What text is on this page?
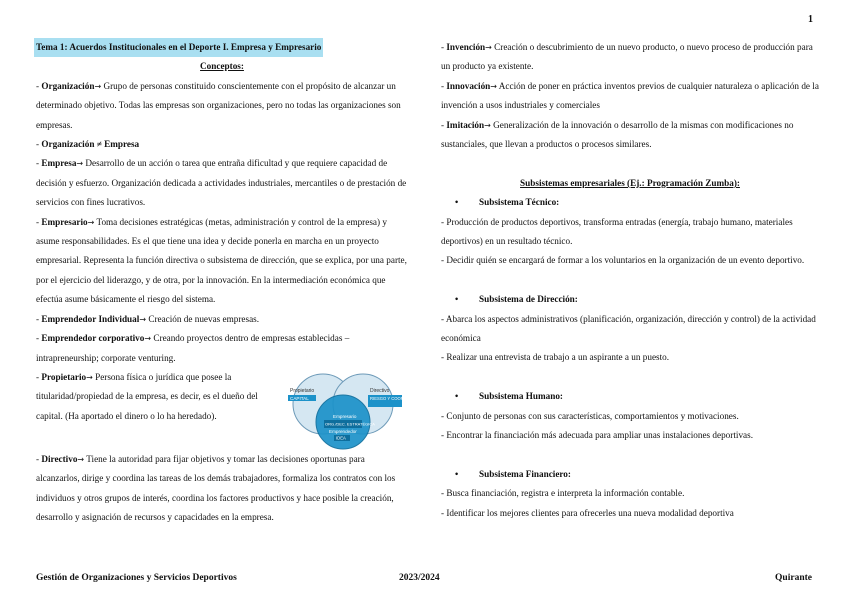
1
Tema 1: Acuerdos Institucionales en el Deporte I. Empresa y Empresario
Conceptos:

- Organización→ Grupo de personas constituido conscientemente con el propósito de alcanzar un determinado objetivo. Todas las empresas son organizaciones, pero no todas las organizaciones son empresas.

- Organización ≠ Empresa

- Empresa→ Desarrollo de un acción o tarea que entraña dificultad y que requiere capacidad de decisión y esfuerzo. Organización dedicada a actividades industriales, mercantiles o de prestación de servicios con fines lucrativos.

- Empresario→ Toma decisiones estratégicas (metas, administración y control de la empresa) y asume responsabilidades. Es el que tiene una idea y decide ponerla en marcha en un proyecto empresarial. Representa la función directiva o subsistema de dirección, que se explica, por una parte, por el ejercicio del liderazgo, y de otra, por la innovación. En la intermediación económica que efectúa asume básicamente el riesgo del sistema.

- Emprendedor Individual→ Creación de nuevas empresas.

- Emprendedor corporativo→ Creando proyectos dentro de empresas establecidas – intrapreneurship; corporate venturing.

Propietario
CAPITAL
Directivo
RIESGO Y COORDINA
Empresario
ORG./DEC. ESTRATÉGICA
Emprendedor
IDEA

- Propietario→ Persona física o jurídica que posee la titularidad/propiedad de la empresa, es decir, es el dueño del capital. (Ha aportado el dinero o lo ha heredado).

- Directivo→ Tiene la autoridad para fijar objetivos y tomar las decisiones oportunas para alcanzarlos, dirige y coordina las tareas de los demás trabajadores, formaliza los contratos con los individuos y otros grupos de interés, coordina los factores productivos y hace posible la creación, desarrollo y asignación de recursos y capacidades en la empresa.

- Invención→ Creación o descubrimiento de un nuevo producto, o nuevo proceso de producción para un producto ya existente.

- Innovación→ Acción de poner en práctica inventos previos de cualquier naturaleza o aplicación de la invención a usos industriales y comerciales

- Imitación→ Generalización de la innovación o desarrollo de la mismas con modificaciones no sustanciales, que llevan a productos o procesos similares.

Subsistemas empresariales (Ej.: Programación Zumba):
• Subsistema Técnico:

- Producción de productos deportivos, transforma entradas (energía, trabajo humano, materiales deportivos) en un resultado técnico.

- Decidir quién se encargará de formar a los voluntarios en la organización de un evento deportivo.

• Subsistema de Dirección:

- Abarca los aspectos administrativos (planificación, organización, dirección y control) de la actividad económica

- Realizar una entrevista de trabajo a un aspirante a un puesto.

• Subsistema Humano:

- Conjunto de personas con sus características, comportamientos y motivaciones.

- Encontrar la financiación más adecuada para ampliar unas instalaciones deportivas.

• Subsistema Financiero:

- Busca financiación, registra e interpreta la información contable.

- Identificar los mejores clientes para ofrecerles una nueva modalidad deportiva

Gestión de Organizaciones y Servicios Deportivos	2023/2024	Quirante
